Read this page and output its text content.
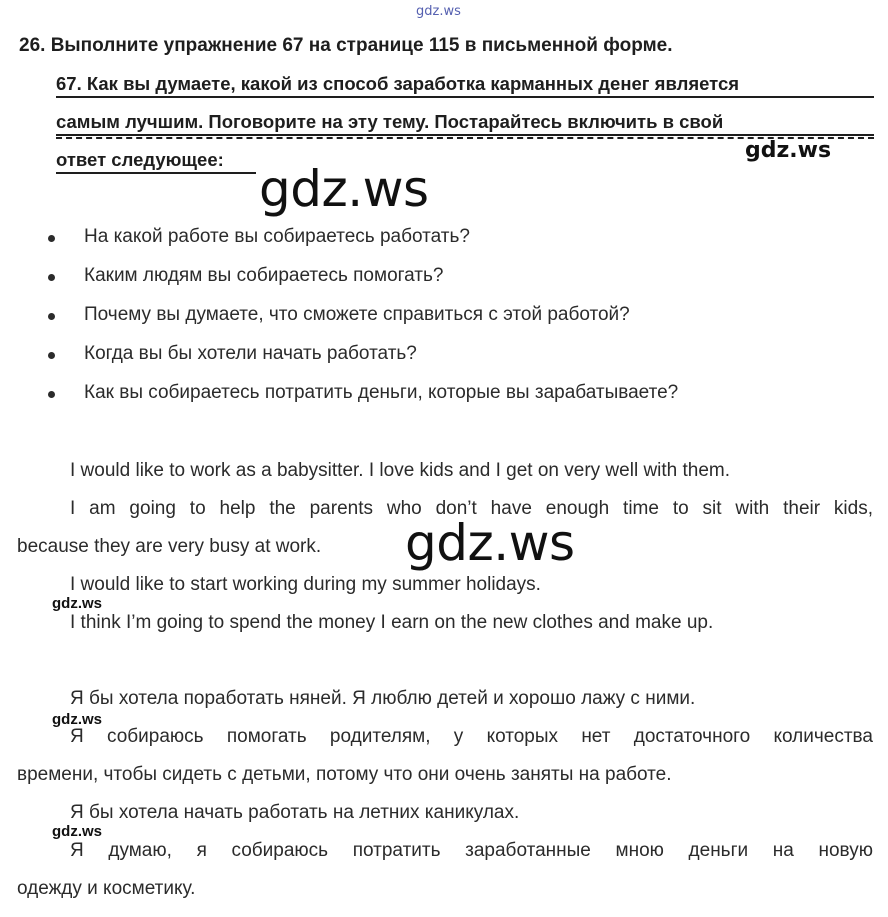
gdz.ws
26. Выполните упражнение 67 на странице 115 в письменной форме.
67. Как вы думаете, какой из способ заработка карманных денег является
самым лучшим. Поговорите на эту тему. Постарайтесь включить в свой
ответ следующее:	gdz.ws
gdz.ws
На какой работе вы собираетесь работать?
Каким людям вы собираетесь помогать?
Почему вы думаете, что сможете справиться с этой работой?
Когда вы бы хотели начать работать?
Как вы собираетесь потратить деньги, которые вы зарабатываете?
I would like to work as a babysitter. I love kids and I get on very well with them.
I am going to help the parents who don’t have enough time to sit with their kids,
because they are very busy at work.
I would like to start working during my summer holidays.
I think I’m going to spend the money I earn on the new clothes and make up.
gdz.ws
gdz.ws
Я бы хотела поработать няней. Я люблю детей и хорошо лажу с ними.
gdz.ws
Я собираюсь помогать родителям, у которых нет достаточного количества
времени, чтобы сидеть с детьми, потому что они очень заняты на работе.
Я бы хотела начать работать на летних каникулах.
gdz.ws
Я думаю, я собираюсь потратить заработанные мною деньги на новую
одежду и косметику.
